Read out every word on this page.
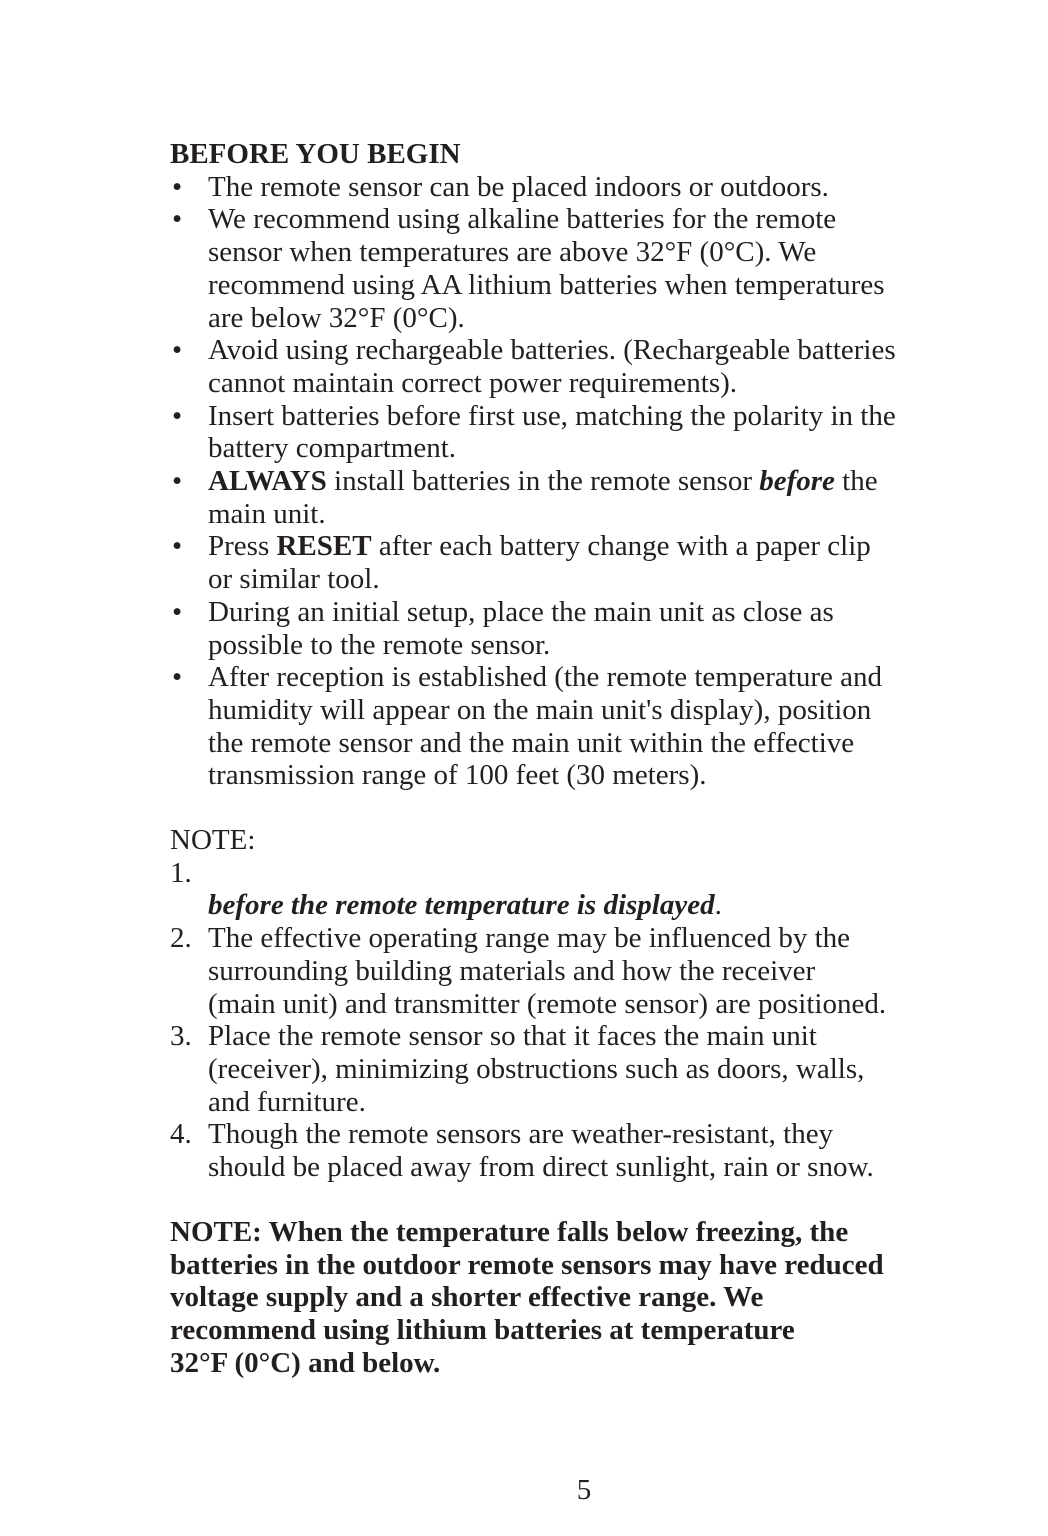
BEFORE YOU BEGIN
• The remote sensor can be placed indoors or outdoors.
• We recommend using alkaline batteries for the remote
sensor when temperatures are above 32°F (0°C). We
recommend using AA lithium batteries when temperatures
are below 32°F (0°C).
• Avoid using rechargeable batteries. (Rechargeable batteries
cannot maintain correct power requirements).
• Insert batteries before first use, matching the polarity in the
battery compartment.
• ALWAYS install batteries in the remote sensor before the
main unit.
• Press RESET after each battery change with a paper clip
or similar tool.
• During an initial setup, place the main unit as close as
possible to the remote sensor.
• After reception is established (the remote temperature and
humidity will appear on the main unit's display), position
the remote sensor and the main unit within the effective
transmission range of 100 feet (30 meters).
NOTE:
1.

before the remote temperature is displayed.
2. The effective operating range may be influenced by the
surrounding building materials and how the receiver
(main unit) and transmitter (remote sensor) are positioned.
3. Place the remote sensor so that it faces the main unit
(receiver), minimizing obstructions such as doors, walls,
and furniture.
4. Though the remote sensors are weather-resistant, they
should be placed away from direct sunlight, rain or snow.
NOTE: When the temperature falls below freezing, the
batteries in the outdoor remote sensors may have reduced
voltage supply and a shorter effective range. We
recommend using lithium batteries at temperature
32°F (0°C) and below.
5
